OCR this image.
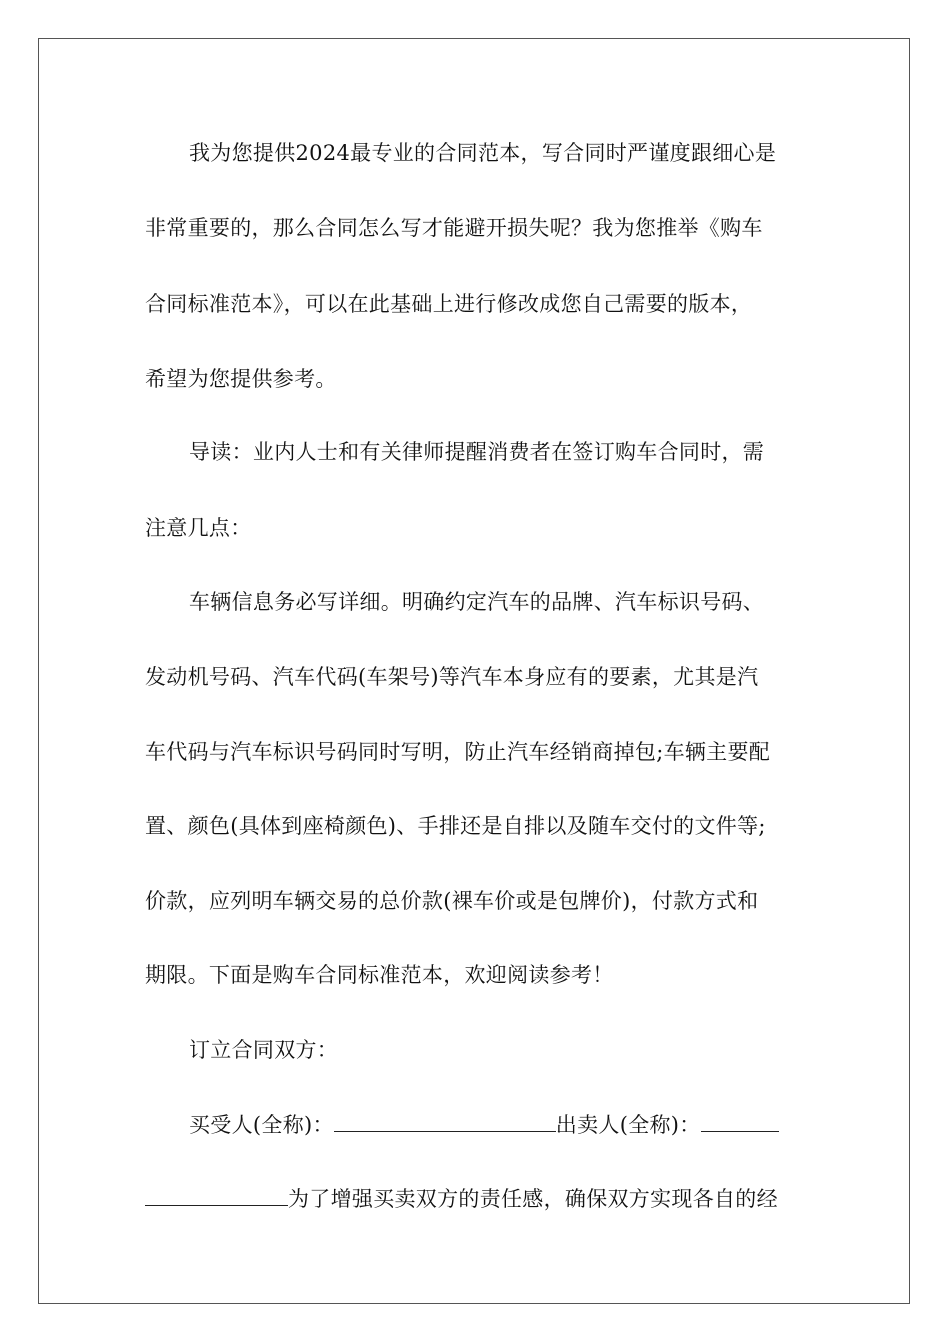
我为您提供2024最专业的合同范本，写合同时严谨度跟细心是
非常重要的，那么合同怎么写才能避开损失呢？我为您推举《购车
合同标准范本》，可以在此基础上进行修改成您自己需要的版本，
希望为您提供参考。
导读：业内人士和有关律师提醒消费者在签订购车合同时，需
注意几点：
车辆信息务必写详细。明确约定汽车的品牌、汽车标识号码、
发动机号码、汽车代码(车架号)等汽车本身应有的要素，尤其是汽
车代码与汽车标识号码同时写明，防止汽车经销商掉包;车辆主要配
置、颜色(具体到座椅颜色)、手排还是自排以及随车交付的文件等;
价款，应列明车辆交易的总价款(裸车价或是包牌价)，付款方式和
期限。下面是购车合同标准范本，欢迎阅读参考！
订立合同双方：
买受人(全称)：	出卖人(全称)：
为了增强买卖双方的责任感，确保双方实现各自的经
